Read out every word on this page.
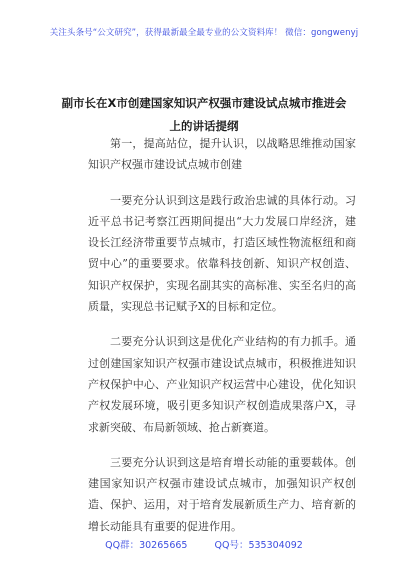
关注头条号“公文研究”，获得最新最全最专业的公文资料库！ 微信：gongwenyj
副市长在X市创建国家知识产权强市建设试点城市推进会上的讲话提纲

第一，提高站位，提升认识，以战略思维推动国家知识产权强市建设试点城市创建

一要充分认识到这是践行政治忠诚的具体行动。习近平总书记考察江西期间提出“大力发展口岸经济，建设长江经济带重要节点城市，打造区域性物流枢纽和商贸中心”的重要要求。依靠科技创新、知识产权创造、知识产权保护，实现名副其实的高标准、实至名归的高质量，实现总书记赋予X的目标和定位。

二要充分认识到这是优化产业结构的有力抓手。通过创建国家知识产权强市建设试点城市，积极推进知识产权保护中心、产业知识产权运营中心建设，优化知识产权发展环境，吸引更多知识产权创造成果落户X，寻求新突破、布局新领域、抢占新赛道。

三要充分认识到这是培育增长动能的重要载体。创建国家知识产权强市建设试点城市，加强知识产权创造、保护、运用，对于培育发展新质生产力、培育新的增长动能具有重要的促进作用。

QQ群：30265665	QQ号：535304092
